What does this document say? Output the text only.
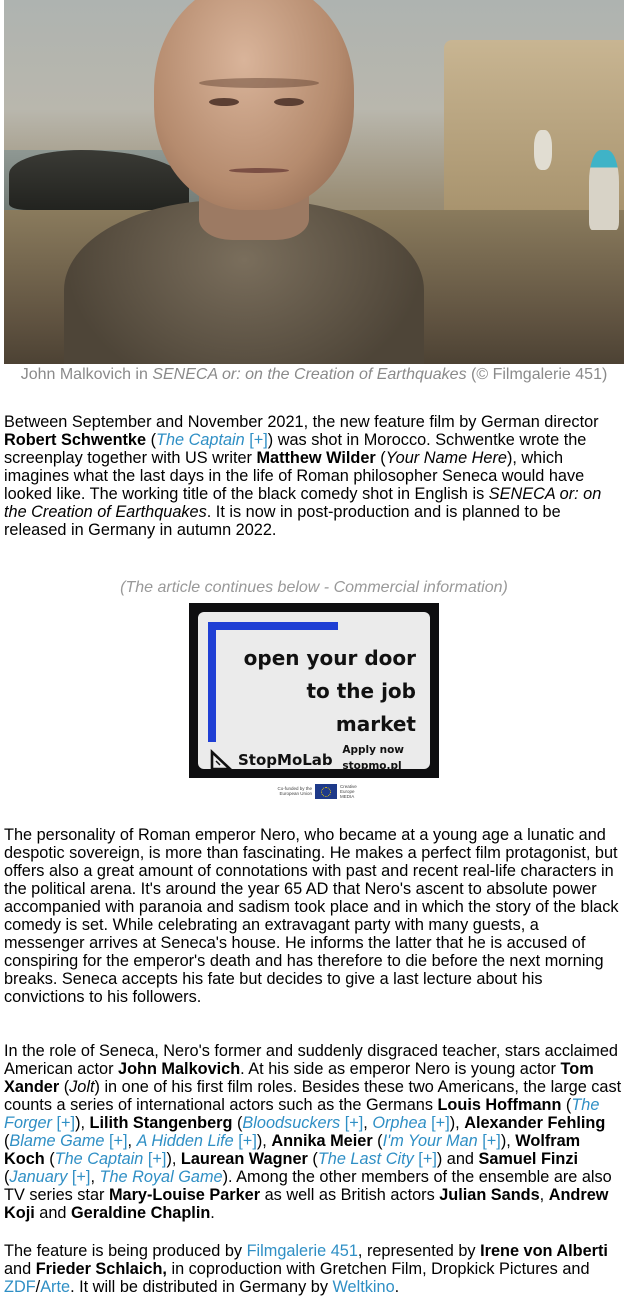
John Malkovich in SENECA or: on the Creation of Earthquakes (© Filmgalerie 451)
Between September and November 2021, the new feature film by German director Robert Schwentke (The Captain [+]) was shot in Morocco. Schwentke wrote the screenplay together with US writer Matthew Wilder (Your Name Here), which imagines what the last days in the life of Roman philosopher Seneca would have looked like. The working title of the black comedy shot in English is SENECA or: on the Creation of Earthquakes. It is now in post-production and is planned to be released in Germany in autumn 2022.
(The article continues below - Commercial information)
open your door
to the job
market
StopMoLab
Apply now
stopmo.pl
Co-funded by the European Union
Creative Europe MEDIA
The personality of Roman emperor Nero, who became at a young age a lunatic and despotic sovereign, is more than fascinating. He makes a perfect film protagonist, but offers also a great amount of connotations with past and recent real-life characters in the political arena. It's around the year 65 AD that Nero's ascent to absolute power accompanied with paranoia and sadism took place and in which the story of the black comedy is set. While celebrating an extravagant party with many guests, a messenger arrives at Seneca's house. He informs the latter that he is accused of conspiring for the emperor's death and has therefore to die before the next morning breaks. Seneca accepts his fate but decides to give a last lecture about his convictions to his followers.
In the role of Seneca, Nero's former and suddenly disgraced teacher, stars acclaimed American actor John Malkovich. At his side as emperor Nero is young actor Tom Xander (Jolt) in one of his first film roles. Besides these two Americans, the large cast counts a series of international actors such as the Germans Louis Hoffmann (The Forger [+]), Lilith Stangenberg (Bloodsuckers [+], Orphea [+]), Alexander Fehling (Blame Game [+], A Hidden Life [+]), Annika Meier (I'm Your Man [+]), Wolfram Koch (The Captain [+]), Laurean Wagner (The Last City [+]) and Samuel Finzi (January [+], The Royal Game). Among the other members of the ensemble are also TV series star Mary-Louise Parker as well as British actors Julian Sands, Andrew Koji and Geraldine Chaplin.
The feature is being produced by Filmgalerie 451, represented by Irene von Alberti and Frieder Schlaich, in coproduction with Gretchen Film, Dropkick Pictures and ZDF/Arte. It will be distributed in Germany by Weltkino.
